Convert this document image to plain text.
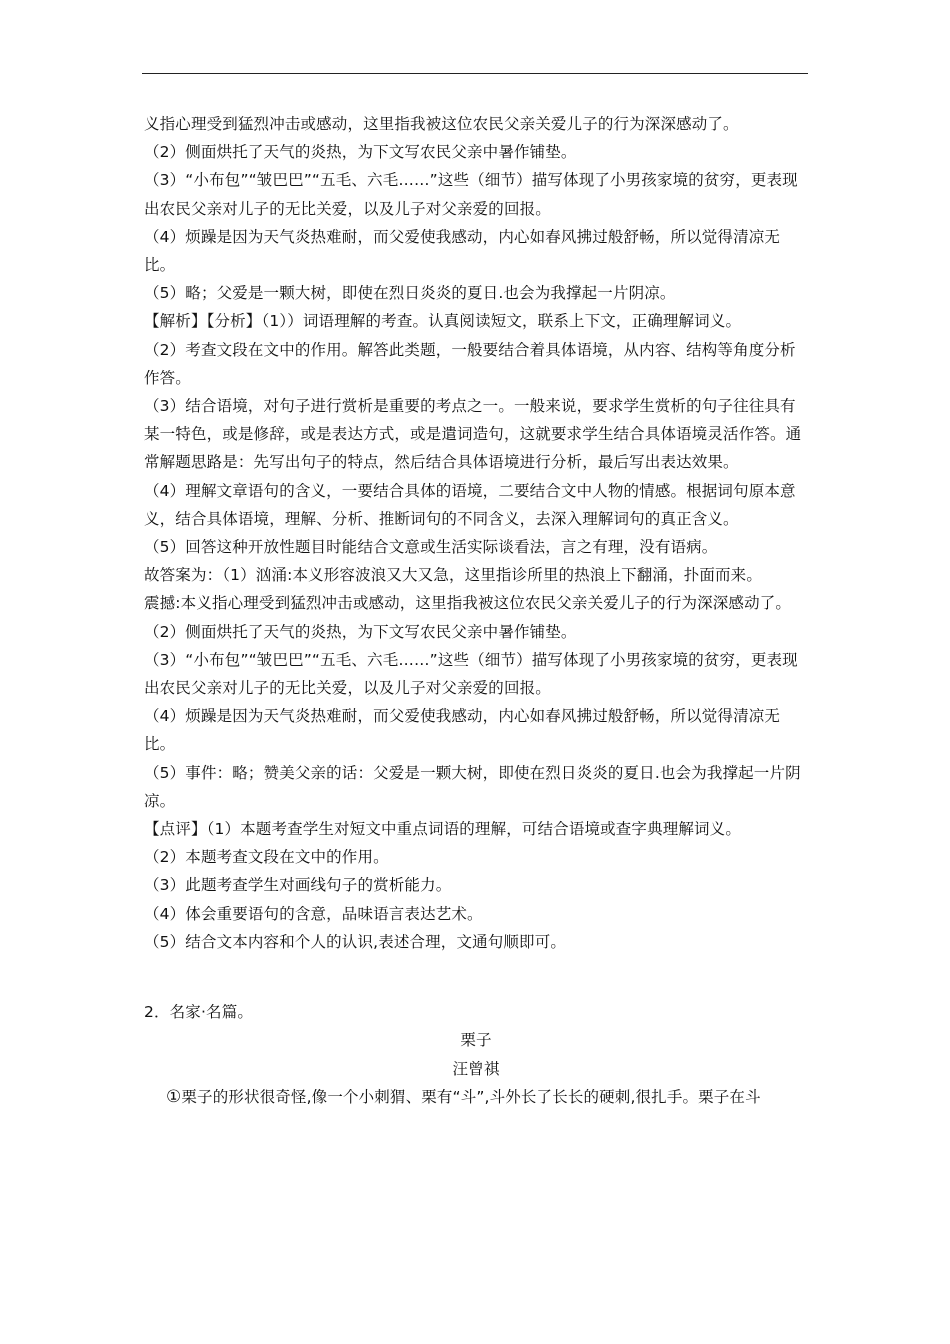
义指心理受到猛烈冲击或感动，这里指我被这位农民父亲关爱儿子的行为深深感动了。

（2）侧面烘托了天气的炎热，为下文写农民父亲中暑作铺垫。

（3）“小布包”“皱巴巴”“五毛、六毛……”这些（细节）描写体现了小男孩家境的贫穷，更表现出农民父亲对儿子的无比关爱，以及儿子对父亲爱的回报。

（4）烦躁是因为天气炎热难耐，而父爱使我感动，内心如春风拂过般舒畅，所以觉得清凉无比。

（5）略；父爱是一颗大树，即使在烈日炎炎的夏日.也会为我撑起一片阴凉。

【解析】【分析】（1））词语理解的考查。认真阅读短文，联系上下文，正确理解词义。

（2）考查文段在文中的作用。解答此类题，一般要结合着具体语境，从内容、结构等角度分析作答。

（3）结合语境，对句子进行赏析是重要的考点之一。一般来说，要求学生赏析的句子往往具有某一特色，或是修辞，或是表达方式，或是遣词造句，这就要求学生结合具体语境灵活作答。通常解题思路是：先写出句子的特点，然后结合具体语境进行分析，最后写出表达效果。

（4）理解文章语句的含义，一要结合具体的语境，二要结合文中人物的情感。根据词句原本意义，结合具体语境，理解、分析、推断词句的不同含义，去深入理解词句的真正含义。

（5）回答这种开放性题目时能结合文意或生活实际谈看法，言之有理，没有语病。

故答案为：（1）汹涌:本义形容波浪又大又急，这里指诊所里的热浪上下翻涌，扑面而来。

震撼:本义指心理受到猛烈冲击或感动，这里指我被这位农民父亲关爱儿子的行为深深感动了。

（2）侧面烘托了天气的炎热，为下文写农民父亲中暑作铺垫。

（3）“小布包”“皱巴巴”“五毛、六毛……”这些（细节）描写体现了小男孩家境的贫穷，更表现出农民父亲对儿子的无比关爱，以及儿子对父亲爱的回报。

（4）烦躁是因为天气炎热难耐，而父爱使我感动，内心如春风拂过般舒畅，所以觉得清凉无比。

（5）事件：略；赞美父亲的话：父爱是一颗大树，即使在烈日炎炎的夏日.也会为我撑起一片阴凉。

【点评】（1）本题考查学生对短文中重点词语的理解，可结合语境或查字典理解词义。

（2）本题考查文段在文中的作用。

（3）此题考查学生对画线句子的赏析能力。

（4）体会重要语句的含意，品味语言表达艺术。

（5）结合文本内容和个人的认识,表述合理，文通句顺即可。

2．名家·名篇。

栗子

汪曾祺

①栗子的形状很奇怪,像一个小刺猬、栗有“斗”,斗外长了长长的硬刺,很扎手。栗子在斗
